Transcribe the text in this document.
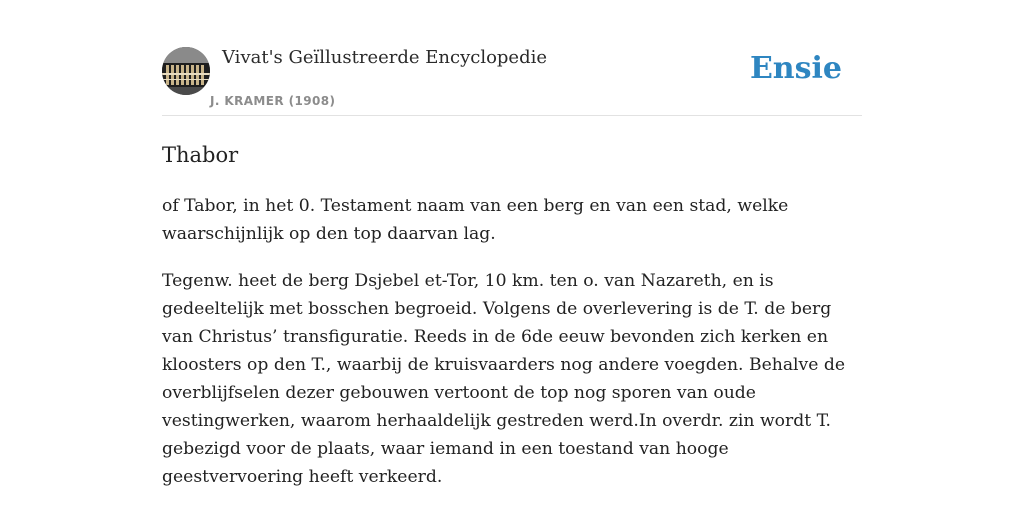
Vivat's Geïllustreerde Encyclopedie
J. KRAMER (1908)
Ensie
Thabor

of Tabor, in het 0. Testament naam van een berg en van een stad, welke waarschijnlijk op den top daarvan lag.

Tegenw. heet de berg Dsjebel et-Tor, 10 km. ten o. van Nazareth, en is gedeeltelijk met bosschen begroeid. Volgens de overlevering is de T. de berg van Christus’ transfiguratie. Reeds in de 6de eeuw bevonden zich kerken en kloosters op den T., waarbij de kruisvaarders nog andere voegden. Behalve de overblijfselen dezer gebouwen vertoont de top nog sporen van oude vestingwerken, waarom herhaaldelijk gestreden werd.In overdr. zin wordt T. gebezigd voor de plaats, waar iemand in een toestand van hooge geestvervoering heeft verkeerd.
